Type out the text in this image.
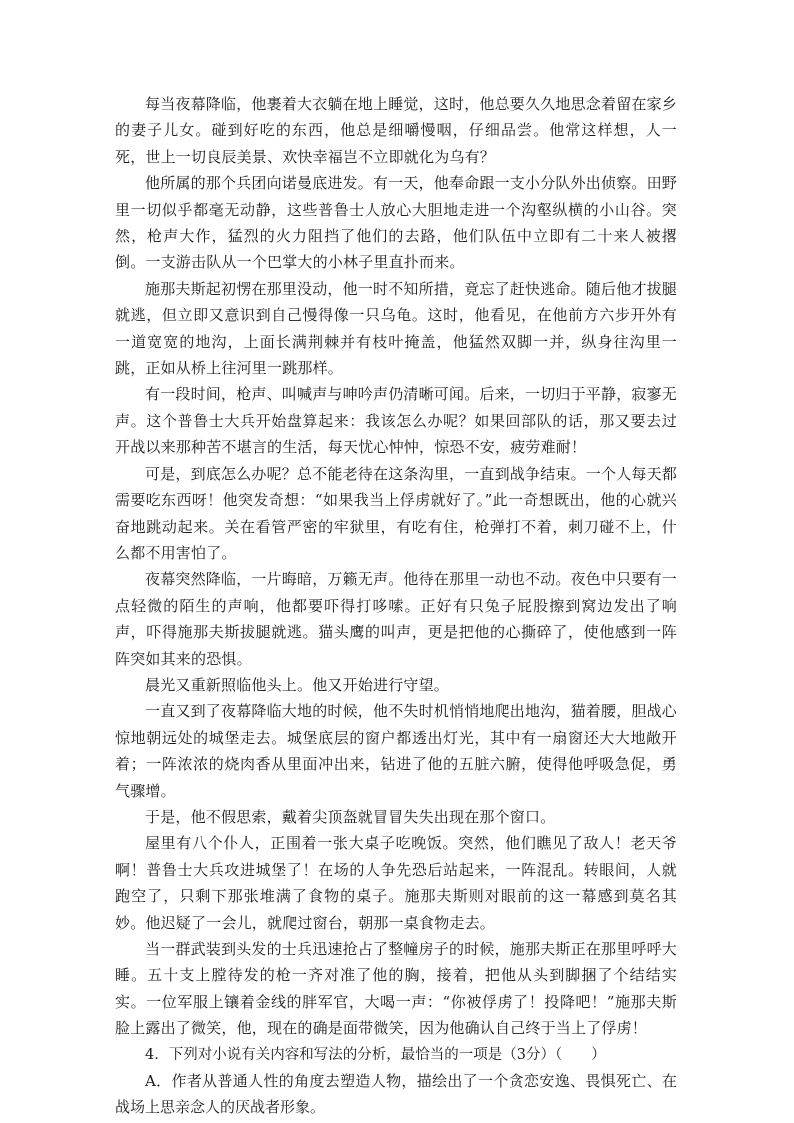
每当夜幕降临，他裹着大衣躺在地上睡觉，这时，他总要久久地思念着留在家乡的妻子儿女。碰到好吃的东西，他总是细嚼慢咽，仔细品尝。他常这样想，人一死，世上一切良辰美景、欢快幸福岂不立即就化为乌有？

他所属的那个兵团向诺曼底进发。有一天，他奉命跟一支小分队外出侦察。田野里一切似乎都毫无动静，这些普鲁士人放心大胆地走进一个沟壑纵横的小山谷。突然，枪声大作，猛烈的火力阻挡了他们的去路，他们队伍中立即有二十来人被撂倒。一支游击队从一个巴掌大的小林子里直扑而来。

施那夫斯起初愣在那里没动，他一时不知所措，竟忘了赶快逃命。随后他才拔腿就逃，但立即又意识到自己慢得像一只乌龟。这时，他看见，在他前方六步开外有一道宽宽的地沟，上面长满荆棘并有枝叶掩盖，他猛然双脚一并，纵身往沟里一跳，正如从桥上往河里一跳那样。

有一段时间，枪声、叫喊声与呻吟声仍清晰可闻。后来，一切归于平静，寂寥无声。这个普鲁士大兵开始盘算起来：我该怎么办呢？如果回部队的话，那又要去过开战以来那种苦不堪言的生活，每天忧心忡忡，惊恐不安，疲劳难耐！

可是，到底怎么办呢？总不能老待在这条沟里，一直到战争结束。一个人每天都需要吃东西呀！他突发奇想：“如果我当上俘虏就好了。”此一奇想既出，他的心就兴奋地跳动起来。关在看管严密的牢狱里，有吃有住，枪弹打不着，刺刀碰不上，什么都不用害怕了。

夜幕突然降临，一片晦暗，万籁无声。他待在那里一动也不动。夜色中只要有一点轻微的陌生的声响，他都要吓得打哆嗦。正好有只兔子屁股擦到窝边发出了响声，吓得施那夫斯拔腿就逃。猫头鹰的叫声，更是把他的心撕碎了，使他感到一阵阵突如其来的恐惧。

晨光又重新照临他头上。他又开始进行守望。

一直又到了夜幕降临大地的时候，他不失时机悄悄地爬出地沟，猫着腰，胆战心惊地朝远处的城堡走去。城堡底层的窗户都透出灯光，其中有一扇窗还大大地敞开着；一阵浓浓的烧肉香从里面冲出来，钻进了他的五脏六腑，使得他呼吸急促，勇气骤增。

于是，他不假思索，戴着尖顶盔就冒冒失失出现在那个窗口。

屋里有八个仆人，正围着一张大桌子吃晚饭。突然，他们瞧见了敌人！老天爷啊！普鲁士大兵攻进城堡了！在场的人争先恐后站起来，一阵混乱。转眼间，人就跑空了，只剩下那张堆满了食物的桌子。施那夫斯则对眼前的这一幕感到莫名其妙。他迟疑了一会儿，就爬过窗台，朝那一桌食物走去。

当一群武装到头发的士兵迅速抢占了整幢房子的时候，施那夫斯正在那里呼呼大睡。五十支上膛待发的枪一齐对准了他的胸，接着，把他从头到脚捆了个结结实实。一位军服上镶着金线的胖军官，大喝一声：“你被俘虏了！投降吧！”施那夫斯脸上露出了微笑，他，现在的确是面带微笑，因为他确认自己终于当上了俘虏！

4．下列对小说有关内容和写法的分析，最恰当的一项是（3分）（　　）

A．作者从普通人性的角度去塑造人物，描绘出了一个贪恋安逸、畏惧死亡、在战场上思亲念人的厌战者形象。
